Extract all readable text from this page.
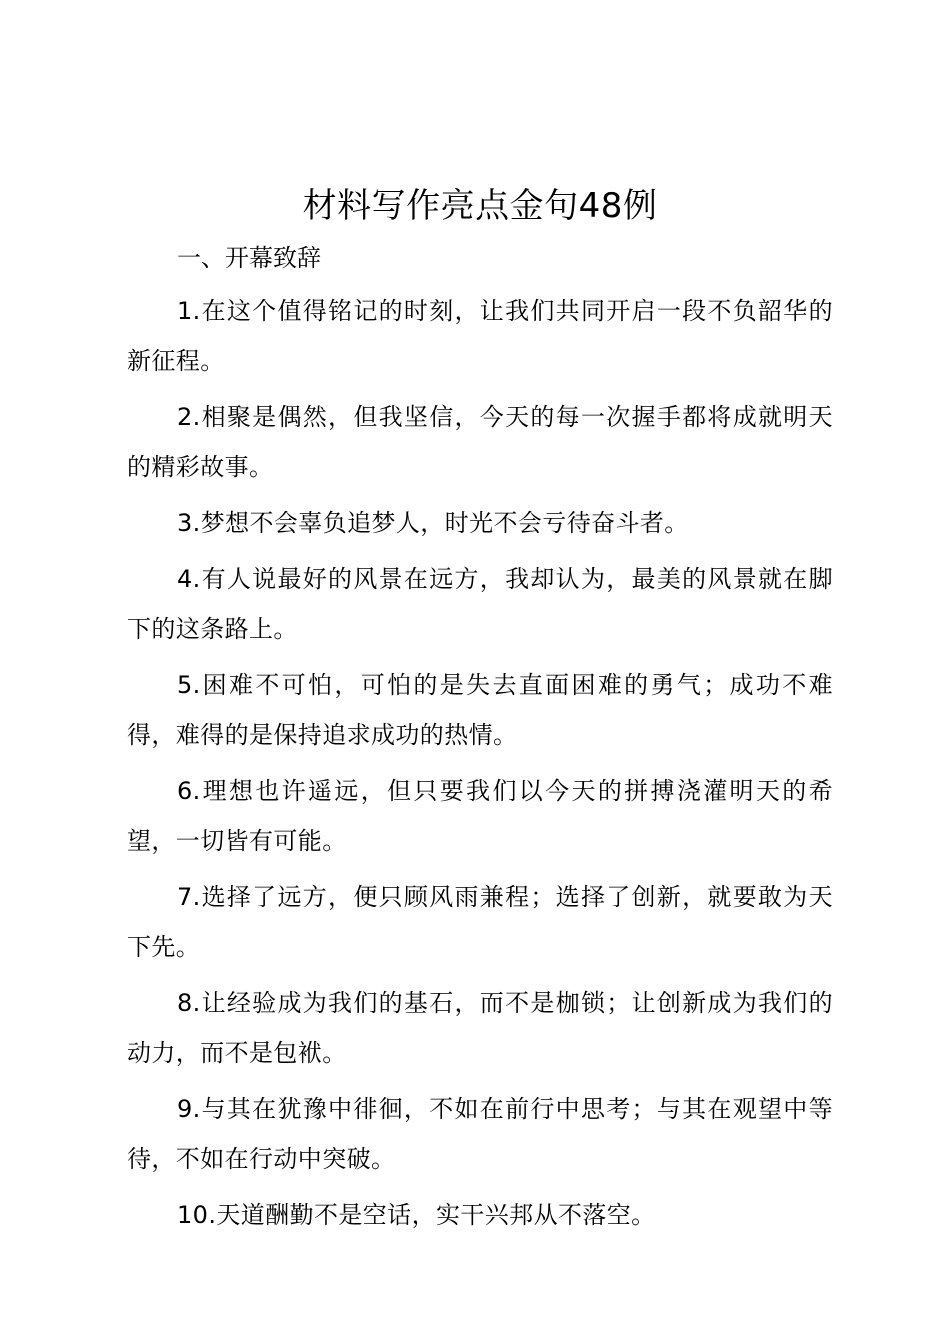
材料写作亮点金句48例

一、开幕致辞

1.在这个值得铭记的时刻，让我们共同开启一段不负韶华的新征程。

2.相聚是偶然，但我坚信，今天的每一次握手都将成就明天的精彩故事。

3.梦想不会辜负追梦人，时光不会亏待奋斗者。

4.有人说最好的风景在远方，我却认为，最美的风景就在脚下的这条路上。

5.困难不可怕，可怕的是失去直面困难的勇气；成功不难得，难得的是保持追求成功的热情。

6.理想也许遥远，但只要我们以今天的拼搏浇灌明天的希望，一切皆有可能。

7.选择了远方，便只顾风雨兼程；选择了创新，就要敢为天下先。

8.让经验成为我们的基石，而不是枷锁；让创新成为我们的动力，而不是包袱。

9.与其在犹豫中徘徊，不如在前行中思考；与其在观望中等待，不如在行动中突破。

10.天道酬勤不是空话，实干兴邦从不落空。
